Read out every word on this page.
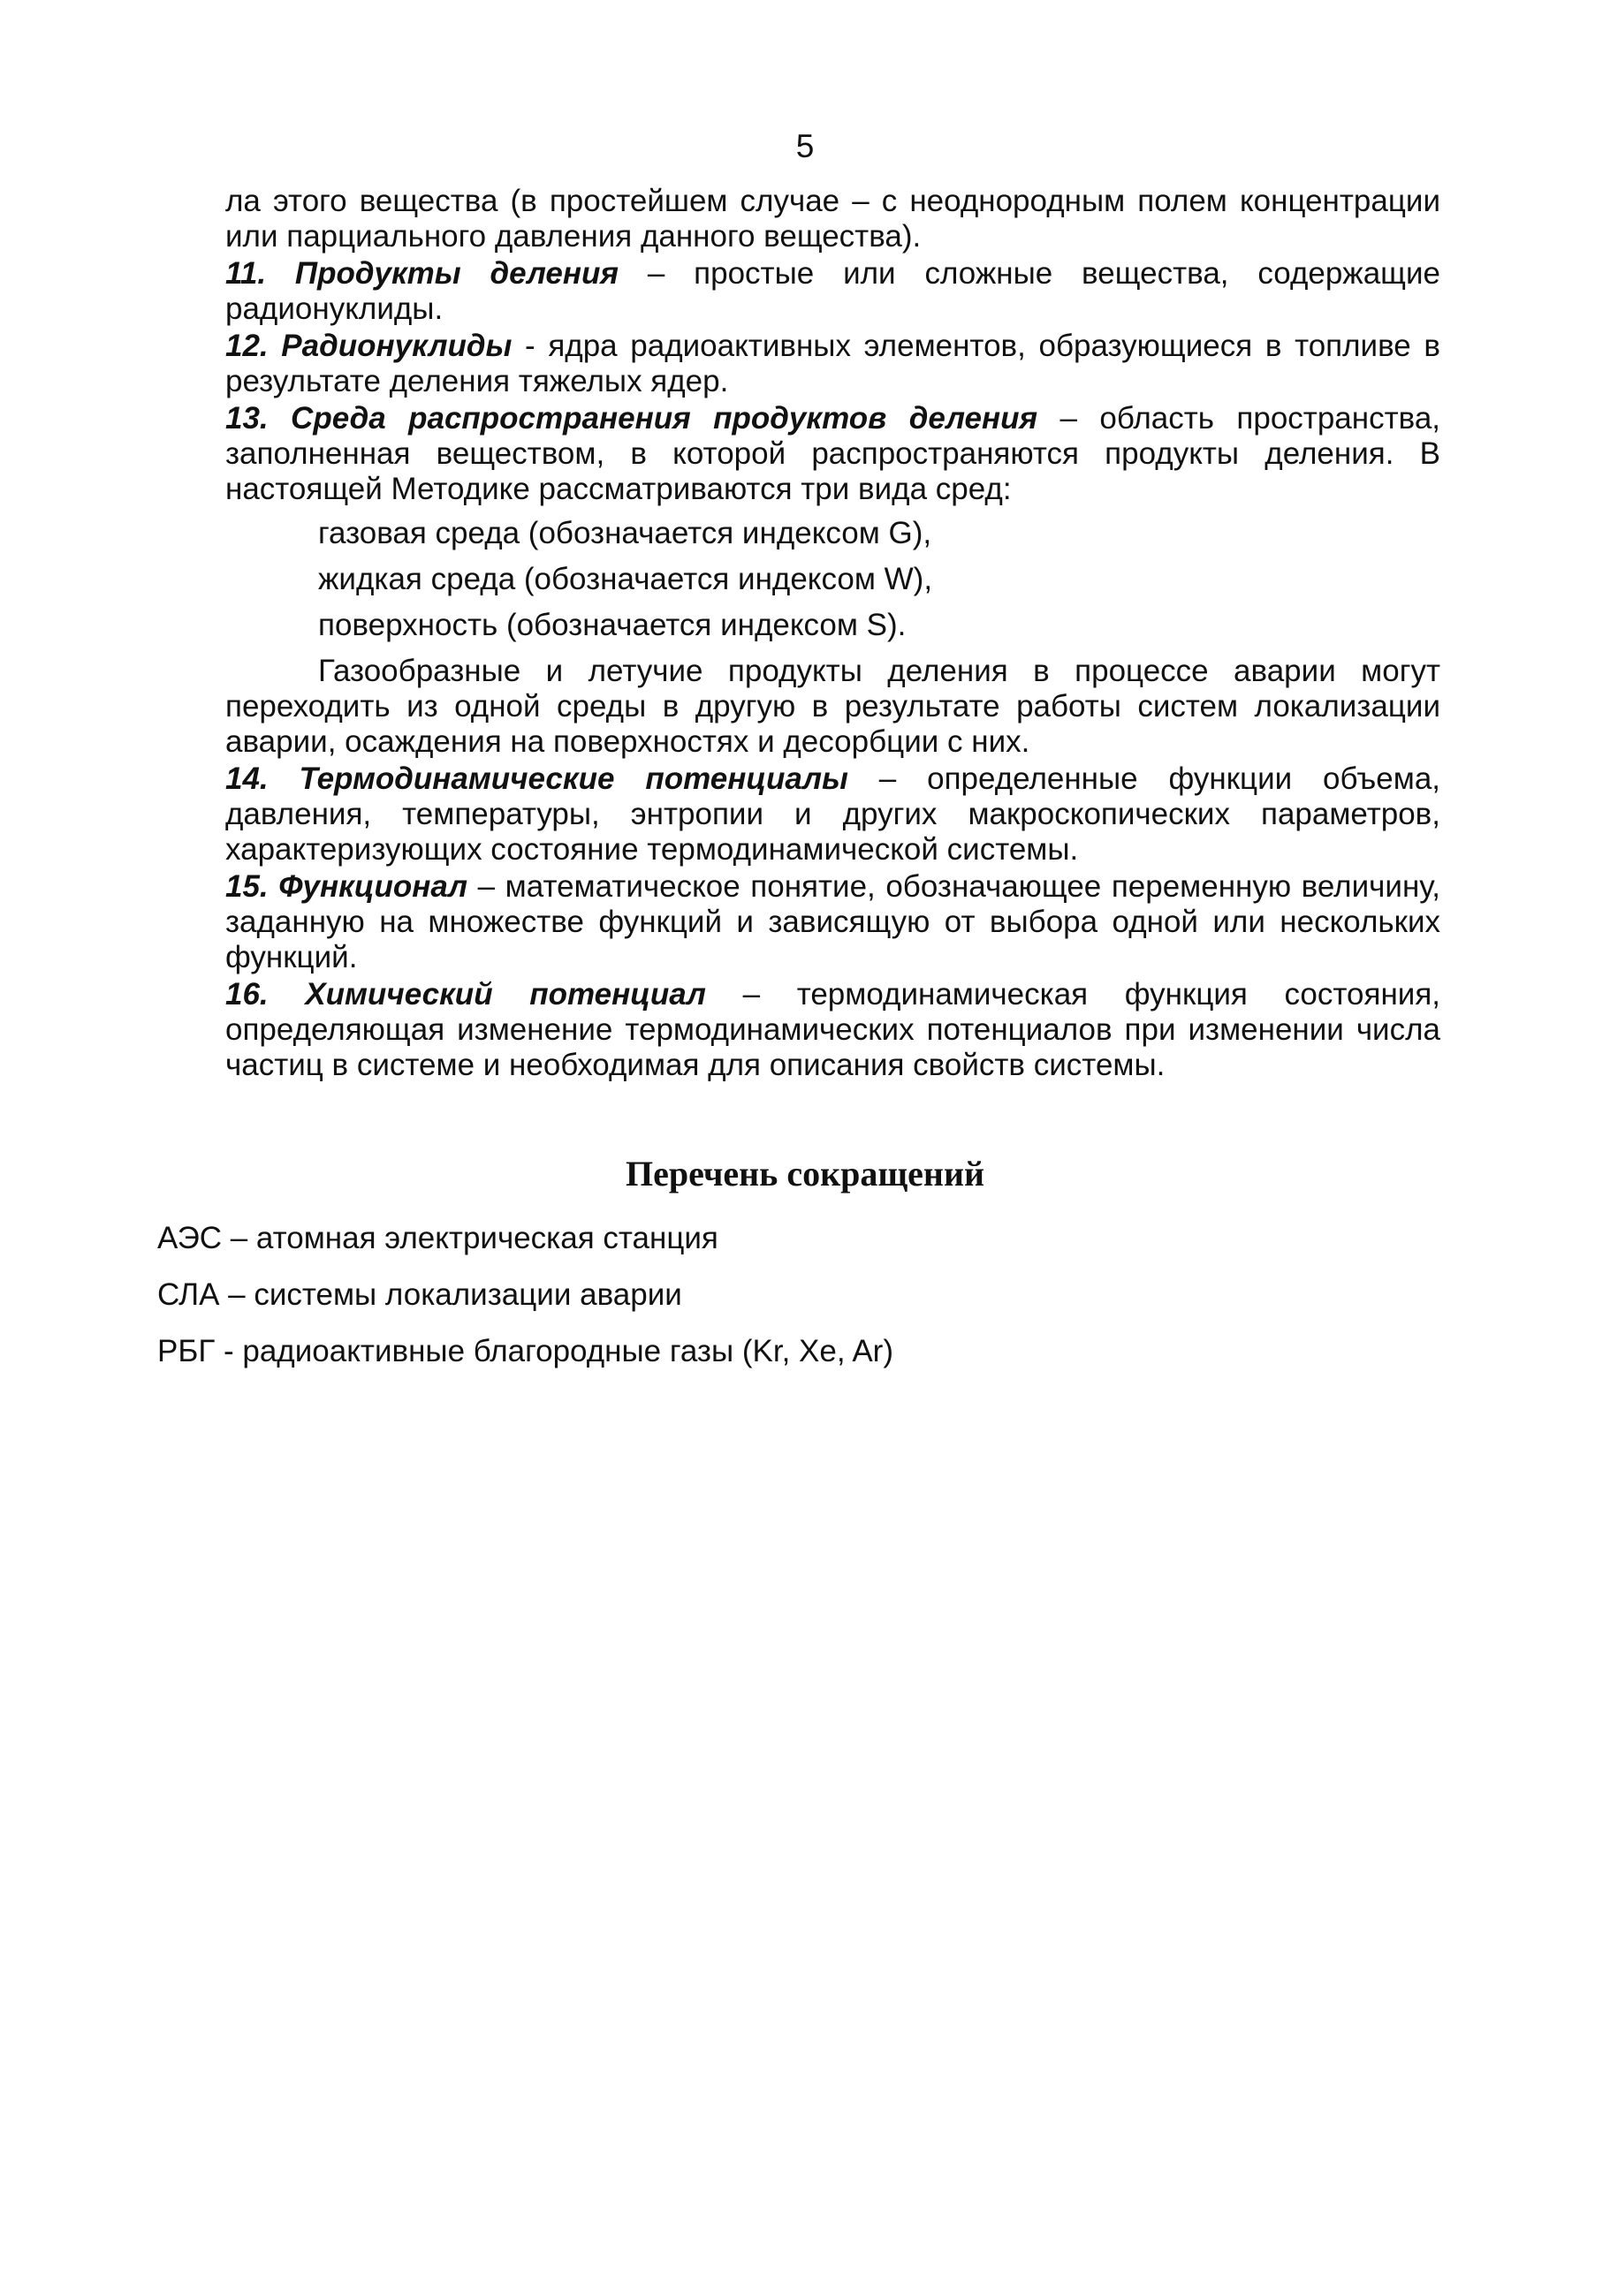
5

ла этого вещества (в простейшем случае – с неоднородным полем концентрации или парциального давления данного вещества).

11. Продукты деления – простые или сложные вещества, содержащие радионуклиды.

12. Радионуклиды - ядра радиоактивных элементов, образующиеся в топливе в результате деления тяжелых ядер.

13. Среда распространения продуктов деления – область пространства, заполненная веществом, в которой распространяются продукты деления. В настоящей Методике рассматриваются три вида сред:

газовая среда (обозначается индексом G),
жидкая среда (обозначается индексом W),
поверхность (обозначается индексом S).

Газообразные и летучие продукты деления в процессе аварии могут переходить из одной среды в другую в результате работы систем локализации аварии, осаждения на поверхностях и десорбции с них.

14. Термодинамические потенциалы – определенные функции объема, давления, температуры, энтропии и других макроскопических параметров, характеризующих состояние термодинамической системы.

15. Функционал – математическое понятие, обозначающее переменную величину, заданную на множестве функций и зависящую от выбора одной или нескольких функций.

16. Химический потенциал – термодинамическая функция состояния, определяющая изменение термодинамических потенциалов при изменении числа частиц в системе и необходимая для описания свойств системы.

Перечень сокращений
АЭС – атомная электрическая станция
СЛА – системы локализации аварии
РБГ - радиоактивные благородные газы (Kr, Xe, Ar)
